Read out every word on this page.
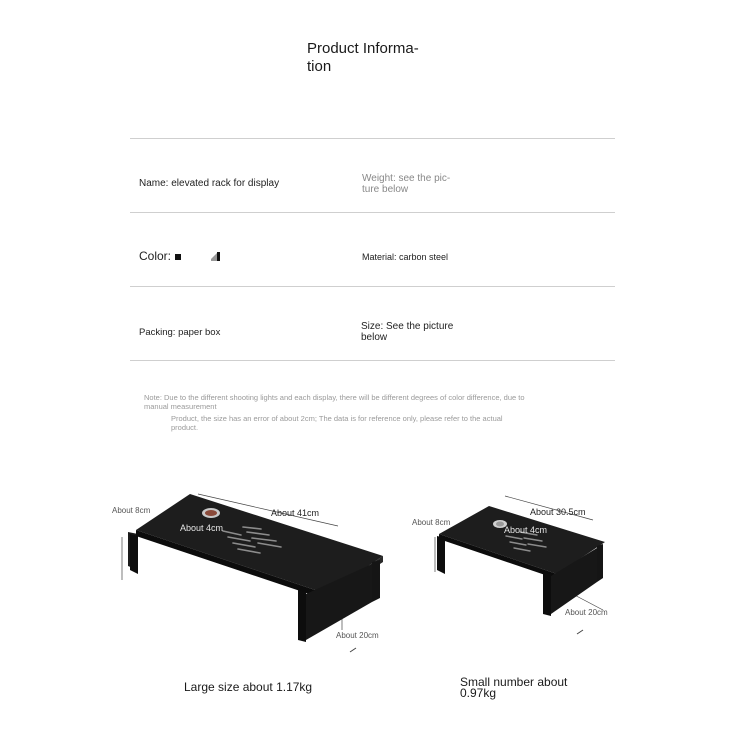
Product Informa-
tion
Name: elevated rack for display	Weight: see the pic-
ture below
Color:	Material: carbon steel
Packing: paper box
Size: See the picture
below
Note: Due to the different shooting lights and each display, there will be different degrees of color difference, due to
manual measurement
Product, the size has an error of about 2cm; The data is for reference only, please refer to the actual
product.
About 8cm
About 4cm
About 41cm
About 20cm
Large size about 1.17kg
About 8cm
About 4cm
About 30.5cm
About 20cm
Small number about
0.97kg
